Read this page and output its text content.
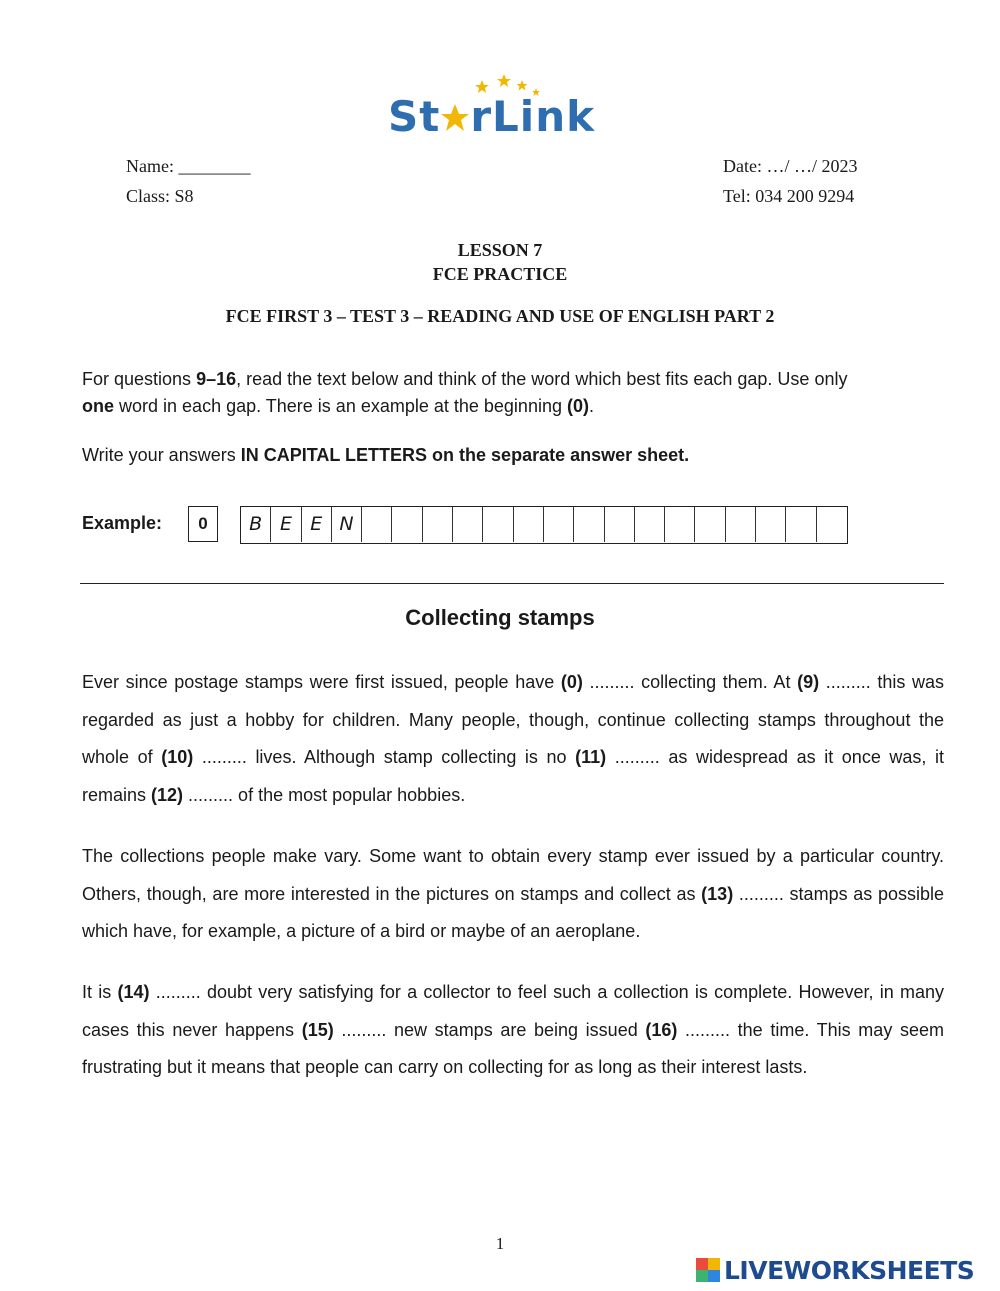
St rLink
Name: ________
Class: S8
Date: …/ …/ 2023
Tel: 034 200 9294
LESSON 7
FCE PRACTICE
FCE FIRST 3 – TEST 3 – READING AND USE OF ENGLISH PART 2
For questions 9–16, read the text below and think of the word which best fits each gap. Use only
one word in each gap. There is an example at the beginning (0).
Write your answers IN CAPITAL LETTERS on the separate answer sheet.
Example:	0	B E E N
Collecting stamps
Ever since postage stamps were first issued, people have (0) ......... collecting them. At (9) ......... this was regarded as just a hobby for children. Many people, though, continue collecting stamps throughout the whole of (10) ......... lives. Although stamp collecting is no (11) ......... as widespread as it once was, it remains (12) ......... of the most popular hobbies.
The collections people make vary. Some want to obtain every stamp ever issued by a particular country. Others, though, are more interested in the pictures on stamps and collect as (13) ......... stamps as possible which have, for example, a picture of a bird or maybe of an aeroplane.
It is (14) ......... doubt very satisfying for a collector to feel such a collection is complete. However, in many cases this never happens (15) ......... new stamps are being issued (16) ......... the time. This may seem frustrating but it means that people can carry on collecting for as long as their interest lasts.
1
LIVEWORKSHEETS
